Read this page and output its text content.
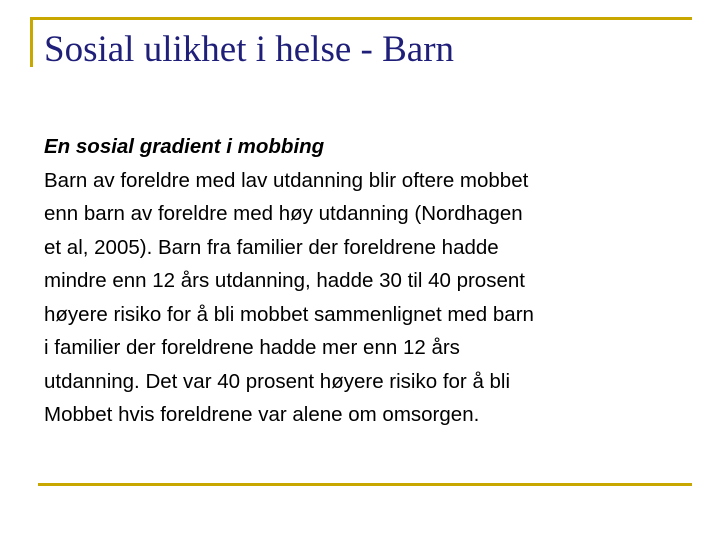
Sosial ulikhet i helse - Barn
En sosial gradient i mobbing
Barn av foreldre med lav utdanning blir oftere mobbet
enn barn av foreldre med høy utdanning (Nordhagen
et al, 2005). Barn fra familier der foreldrene hadde
mindre enn 12 års utdanning, hadde 30 til 40 prosent
høyere risiko for å bli mobbet sammenlignet med barn
i familier der foreldrene hadde mer enn 12 års
utdanning. Det var 40 prosent høyere risiko for å bli
Mobbet hvis foreldrene var alene om omsorgen.
